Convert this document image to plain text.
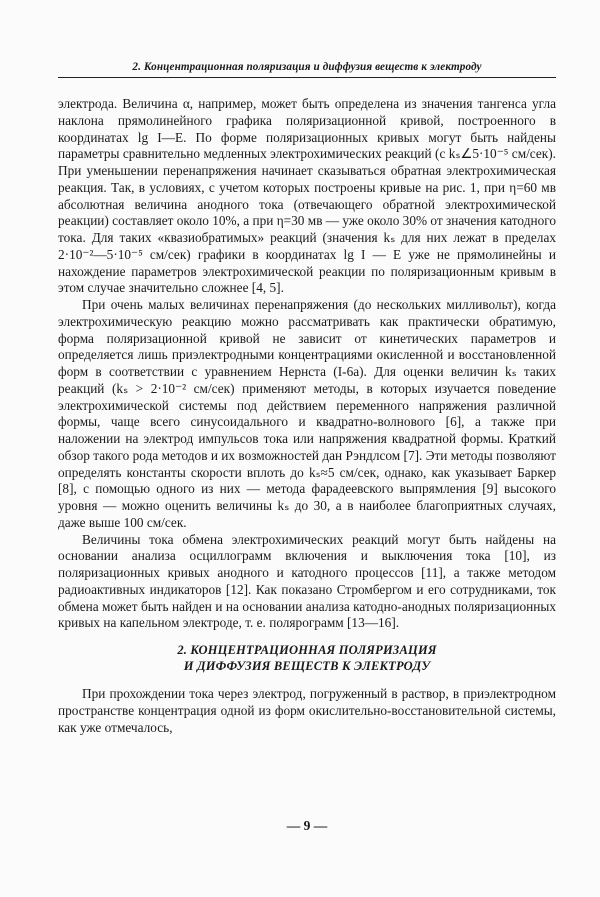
2. Концентрационная поляризация и диффузия веществ к электроду

электрода. Величина α, например, может быть определена из значения тангенса угла наклона прямолинейного графика поляризационной кривой, построенного в координатах lg I—E. По форме поляризационных кривых могут быть найдены параметры сравнительно медленных электрохимических реакций (с kₛ∠5·10⁻⁵ см/сек). При уменьшении перенапряжения начинает сказываться обратная электрохимическая реакция. Так, в условиях, с учетом которых построены кривые на рис. 1, при η=60 мв абсолютная величина анодного тока (отвечающего обратной электрохимической реакции) составляет около 10%, а при η=30 мв — уже около 30% от значения катодного тока. Для таких «квазиобратимых» реакций (значения kₛ для них лежат в пределах 2·10⁻²—5·10⁻⁵ см/сек) графики в координатах lg I — E уже не прямолинейны и нахождение параметров электрохимической реакции по поляризационным кривым в этом случае значительно сложнее [4, 5].

При очень малых величинах перенапряжения (до нескольких милливольт), когда электрохимическую реакцию можно рассматривать как практически обратимую, форма поляризационной кривой не зависит от кинетических параметров и определяется лишь приэлектродными концентрациями окисленной и восстановленной форм в соответствии с уравнением Нернста (I-6а). Для оценки величин kₛ таких реакций (kₛ > 2·10⁻² см/сек) применяют методы, в которых изучается поведение электрохимической системы под действием переменного напряжения различной формы, чаще всего синусоидального и квадратно-волнового [6], а также при наложении на электрод импульсов тока или напряжения квадратной формы. Краткий обзор такого рода методов и их возможностей дан Рэндлсом [7]. Эти методы позволяют определять константы скорости вплоть до kₛ≈5 см/сек, однако, как указывает Баркер [8], с помощью одного из них — метода фарадеевского выпрямления [9] высокого уровня — можно оценить величины kₛ до 30, а в наиболее благоприятных случаях, даже выше 100 см/сек.

Величины тока обмена электрохимических реакций могут быть найдены на основании анализа осциллограмм включения и выключения тока [10], из поляризационных кривых анодного и катодного процессов [11], а также методом радиоактивных индикаторов [12]. Как показано Стромбергом и его сотрудниками, ток обмена может быть найден и на основании анализа катодно-анодных поляризационных кривых на капельном электроде, т. е. полярограмм [13—16].

2. КОНЦЕНТРАЦИОННАЯ ПОЛЯРИЗАЦИЯ
И ДИФФУЗИЯ ВЕЩЕСТВ К ЭЛЕКТРОДУ

При прохождении тока через электрод, погруженный в раствор, в приэлектродном пространстве концентрация одной из форм окислительно-восстановительной системы, как уже отмечалось,

— 9 —
